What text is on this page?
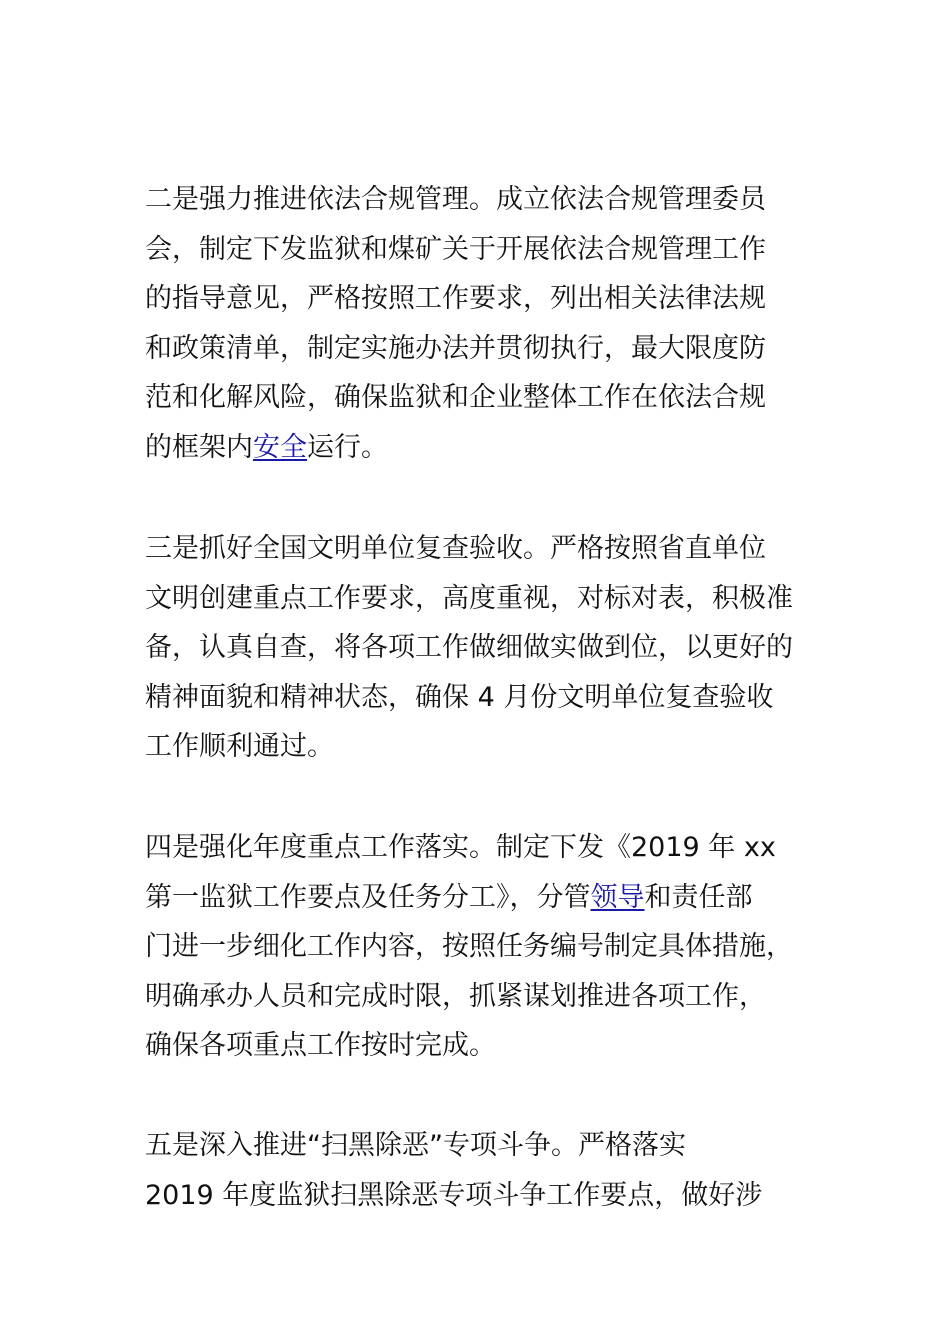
二是强力推进依法合规管理。成立依法合规管理委员
会，制定下发监狱和煤矿关于开展依法合规管理工作
的指导意见，严格按照工作要求，列出相关法律法规
和政策清单，制定实施办法并贯彻执行，最大限度防
范和化解风险，确保监狱和企业整体工作在依法合规
的框架内安全运行。

三是抓好全国文明单位复查验收。严格按照省直单位
文明创建重点工作要求，高度重视，对标对表，积极准
备，认真自查，将各项工作做细做实做到位，以更好的
精神面貌和精神状态，确保 4 月份文明单位复查验收
工作顺利通过。

四是强化年度重点工作落实。制定下发《2019 年 xx
第一监狱工作要点及任务分工》，分管领导和责任部
门进一步细化工作内容，按照任务编号制定具体措施，
明确承办人员和完成时限，抓紧谋划推进各项工作，
确保各项重点工作按时完成。

五是深入推进“扫黑除恶”专项斗争。严格落实
2019 年度监狱扫黑除恶专项斗争工作要点，做好涉
